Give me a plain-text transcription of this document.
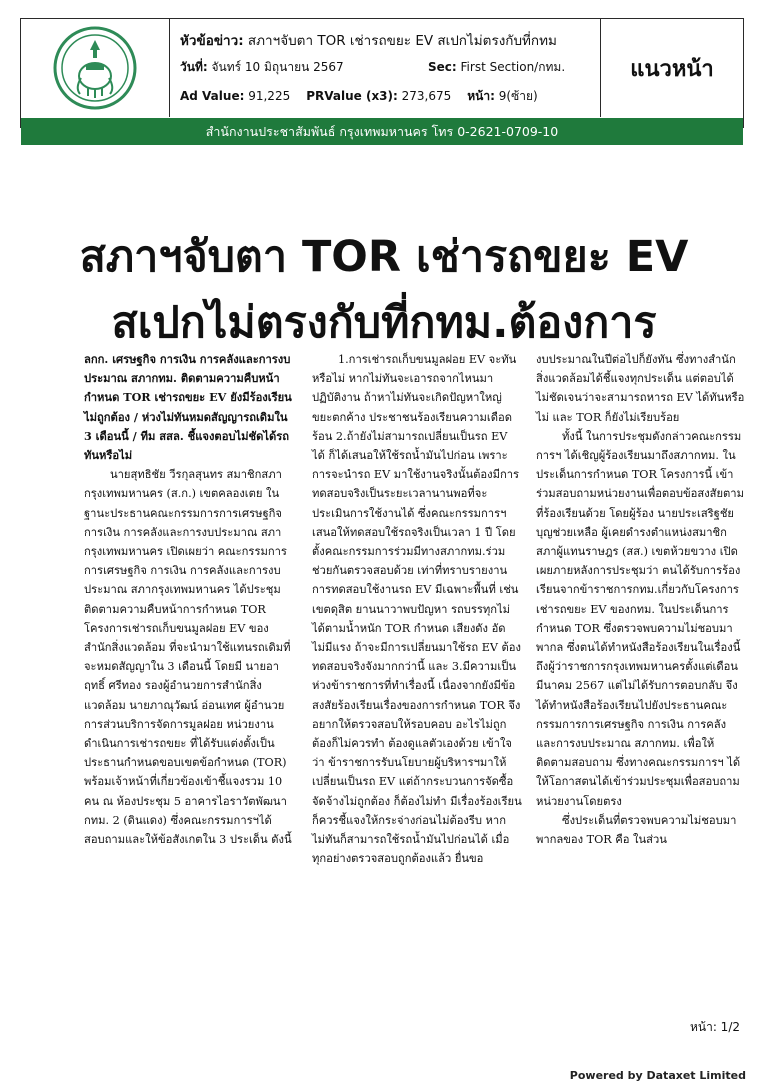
หัวข้อข่าว: สภาฯจับตา TOR เช่ารถขยะ EV สเปกไม่ตรงกับที่กทม
วันที่: จันทร์ 10 มิถุนายน 2567	Sec: First Section/กทม.
Ad Value: 91,225 PRValue (x3): 273,675 หน้า: 9(ซ้าย)
แนวหน้า
สำนักงานประชาสัมพันธ์ กรุงเทพมหานคร โทร 0-2621-0709-10
สภาฯจับตา TOR เช่ารถขยะ EV
สเปกไม่ตรงกับที่กทม.ต้องการ

ลกก. เศรษฐกิจ การเงิน การคลังและการงบประมาณ สภากทม. ติดตามความคืบหน้ากำหนด TOR เช่ารถขยะ EV ยังมีร้องเรียนไม่ถูกต้อง / ห่วงไม่ทันหมดสัญญารถเดิมใน 3 เดือนนี้ / ทีม สสล. ชี้แจงตอบไม่ชัดได้รถทันหรือไม่

นายสุทธิชัย วีรกุลสุนทร สมาชิกสภากรุงเทพมหานคร (ส.ก.) เขตคลองเตย ในฐานะประธานคณะกรรมการการเศรษฐกิจ การเงิน การคลังและการงบประมาณ สภากรุงเทพมหานคร เปิดเผยว่า คณะกรรมการการเศรษฐกิจ การเงิน การคลังและการงบประมาณ สภากรุงเทพมหานคร ได้ประชุมติดตามความคืบหน้าการกำหนด TOR โครงการเช่ารถเก็บขนมูลฝอย EV ของสำนักสิ่งแวดล้อม ที่จะนำมาใช้แทนรถเดิมที่จะหมดสัญญาใน 3 เดือนนี้ โดยมี นายอาฤทธิ์ ศรีทอง รองผู้อำนวยการสำนักสิ่งแวดล้อม นายภาณุวัฒน์ อ่อนเทศ ผู้อำนวยการส่วนบริการจัดการมูลฝอย หน่วยงานดำเนินการเช่ารถขยะ ที่ได้รับแต่งตั้งเป็นประธานกำหนดขอบเขตข้อกำหนด (TOR) พร้อมเจ้าหน้าที่เกี่ยวข้องเข้าชี้แจงรวม 10 คน ณ ห้องประชุม 5 อาคารไอราวัตพัฒนา กทม. 2 (ดินแดง) ซึ่งคณะกรรมการฯได้สอบถามและให้ข้อสังเกตใน 3 ประเด็น ดังนี้

1.การเช่ารถเก็บขนมูลฝอย EV จะทันหรือไม่ หากไม่ทันจะเอารถจากไหนมาปฏิบัติงาน ถ้าหาไม่ทันจะเกิดปัญหาใหญ่ ขยะตกค้าง ประชาชนร้องเรียนความเดือดร้อน 2.ถ้ายังไม่สามารถเปลี่ยนเป็นรถ EV ได้ ก็ได้เสนอให้ใช้รถน้ำมันไปก่อน เพราะการจะนำรถ EV มาใช้งานจริงนั้นต้องมีการทดสอบจริงเป็นระยะเวลานานพอที่จะประเมินการใช้งานได้ ซึ่งคณะกรรมการฯเสนอให้ทดสอบใช้รถจริงเป็นเวลา 1 ปี โดยตั้งคณะกรรมการร่วมมีทางสภากทม.ร่วมช่วยกันตรวจสอบด้วย เท่าที่ทราบรายงานการทดสอบใช้งานรถ EV มีเฉพาะพื้นที่ เช่น เขตดุสิต ยานนาวาพบปัญหา รถบรรทุกไม่ได้ตามน้ำหนัก TOR กำหนด เสียงดัง อัดไม่มีแรง ถ้าจะมีการเปลี่ยนมาใช้รถ EV ต้องทดสอบจริงจังมากกว่านี้ และ 3.มีความเป็นห่วงข้าราชการที่ทำเรื่องนี้ เนื่องจากยังมีข้อสงสัยร้องเรียนเรื่องของการกำหนด TOR จึงอยากให้ตรวจสอบให้รอบคอบ อะไรไม่ถูกต้องก็ไม่ควรทำ ต้องดูแลตัวเองด้วย เข้าใจว่า ข้าราชการรับนโยบายผู้บริหารฯมาให้เปลี่ยนเป็นรถ EV แต่ถ้ากระบวนการจัดซื้อจัดจ้างไม่ถูกต้อง ก็ต้องไม่ทำ มีเรื่องร้องเรียนก็ควรชี้แจงให้กระจ่างก่อนไม่ต้องรีบ หากไม่ทันก็สามารถใช้รถน้ำมันไปก่อนได้ เมื่อทุกอย่างตรวจสอบถูกต้องแล้ว ยื่นขอ

งบประมาณในปีต่อไปก็ยังทัน ซึ่งทางสำนักสิ่งแวดล้อมได้ชี้แจงทุกประเด็น แต่ตอบได้ไม่ชัดเจนว่าจะสามารถหารถ EV ได้ทันหรือไม่ และ TOR ก็ยังไม่เรียบร้อย

ทั้งนี้ ในการประชุมดังกล่าวคณะกรรมการฯ ได้เชิญผู้ร้องเรียนมาถึงสภากทม. ในประเด็นการกำหนด TOR โครงการนี้ เข้าร่วมสอบถามหน่วยงานเพื่อตอบข้อสงสัยตามที่ร้องเรียนด้วย โดยผู้ร้อง นายประเสริฐชัย บุญช่วยเหลือ ผู้เคยดำรงตำแหน่งสมาชิกสภาผู้แทนราษฎร (สส.) เขตห้วยขวาง เปิดเผยภายหลังการประชุมว่า ตนได้รับการร้องเรียนจากข้าราชการกทม.เกี่ยวกับโครงการเช่ารถขยะ EV ของกทม. ในประเด็นการกำหนด TOR ซึ่งตรวจพบความไม่ชอบมาพากล ซึ่งตนได้ทำหนังสือร้องเรียนในเรื่องนี้ถึงผู้ว่าราชการกรุงเทพมหานครตั้งแต่เดือนมีนาคม 2567 แต่ไม่ได้รับการตอบกลับ จึงได้ทำหนังสือร้องเรียนไปยังประธานคณะกรรมการการเศรษฐกิจ การเงิน การคลังและการงบประมาณ สภากทม. เพื่อให้ติดตามสอบถาม ซึ่งทางคณะกรรมการฯ ได้ให้โอกาสตนได้เข้าร่วมประชุมเพื่อสอบถามหน่วยงานโดยตรง

ซึ่งประเด็นที่ตรวจพบความไม่ชอบมาพากลของ TOR คือ ในส่วน

หน้า: 1/2
Powered by Dataxet Limited
